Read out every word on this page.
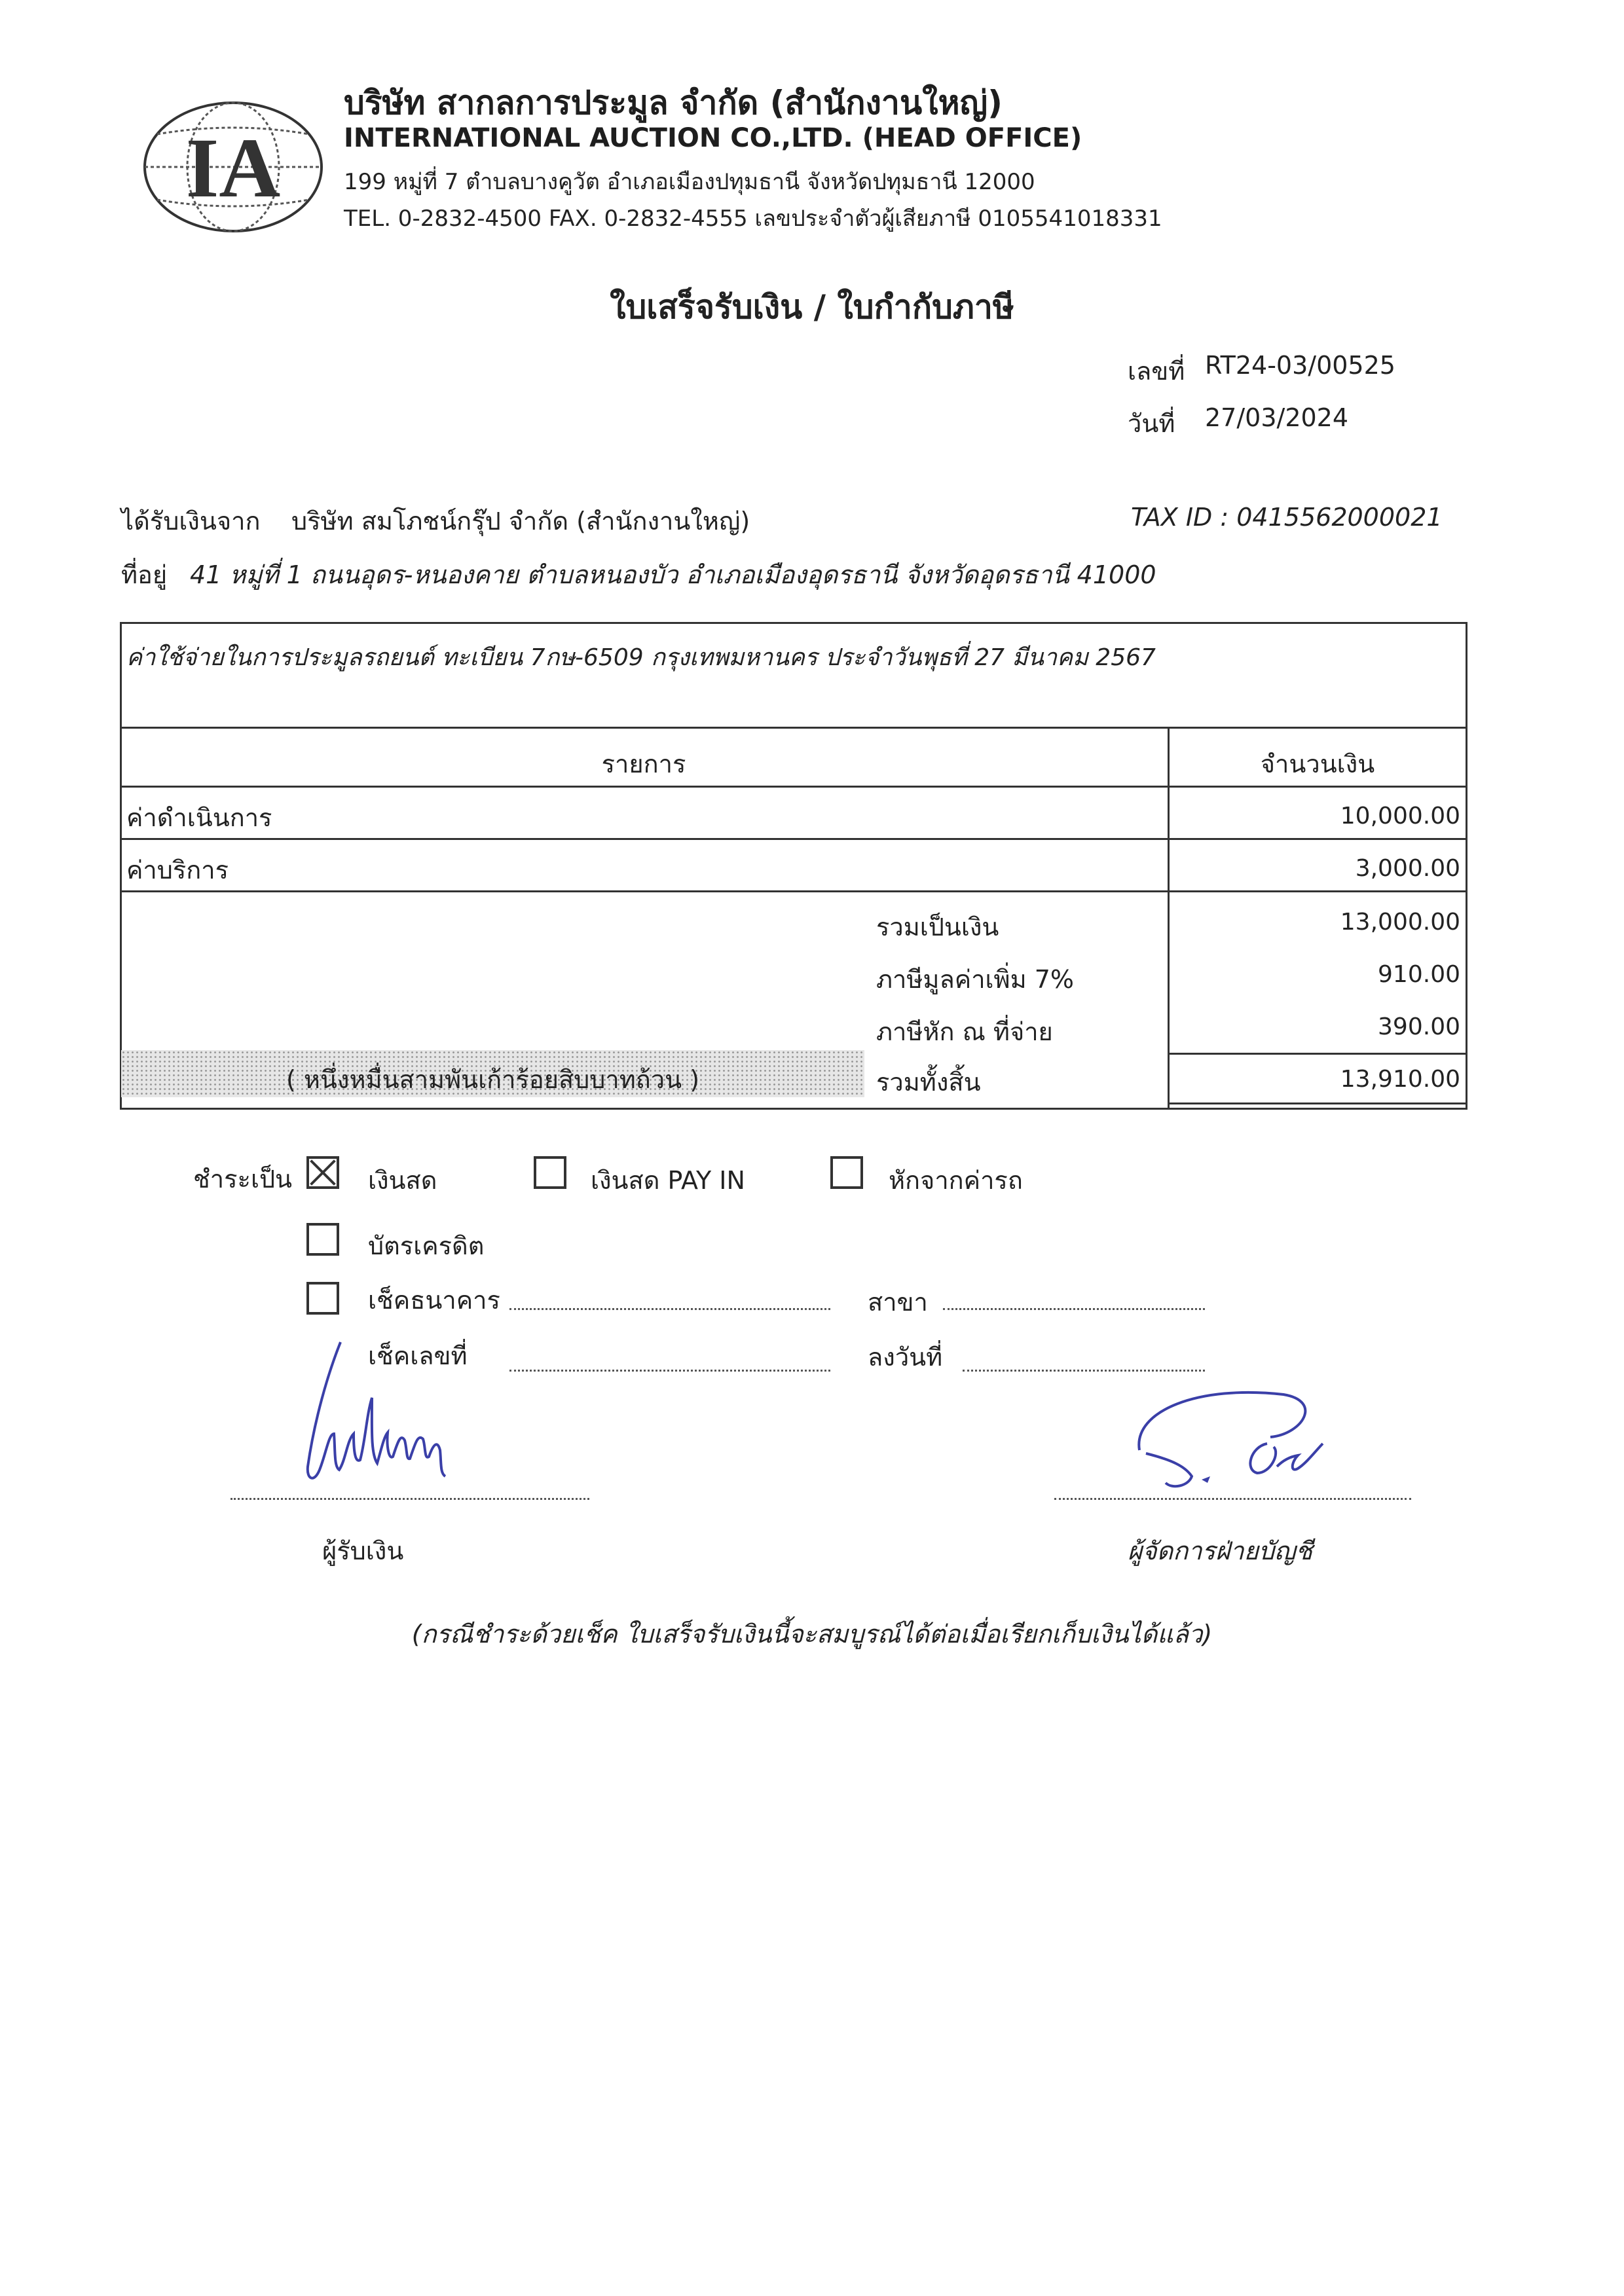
IA
บริษัท สากลการประมูล จำกัด (สำนักงานใหญ่)
INTERNATIONAL AUCTION CO.,LTD. (HEAD OFFICE)
199 หมู่ที่ 7 ตำบลบางคูวัต อำเภอเมืองปทุมธานี จังหวัดปทุมธานี 12000
TEL. 0-2832-4500 FAX. 0-2832-4555 เลขประจำตัวผู้เสียภาษี 0105541018331
ใบเสร็จรับเงิน / ใบกำกับภาษี
เลขที่ RT24-03/00525
วันที่ 27/03/2024
ได้รับเงินจาก บริษัท สมโภชน์กรุ๊ป จำกัด (สำนักงานใหญ่)	TAX ID : 0415562000021
ที่อยู่ 41 หมู่ที่ 1 ถนนอุดร-หนองคาย ตำบลหนองบัว อำเภอเมืองอุดรธานี จังหวัดอุดรธานี 41000
ค่าใช้จ่ายในการประมูลรถยนต์ ทะเบียน 7กษ-6509 กรุงเทพมหานคร ประจำวันพุธที่ 27 มีนาคม 2567
รายการ	จำนวนเงิน
ค่าดำเนินการ	10,000.00
ค่าบริการ	3,000.00
รวมเป็นเงิน	13,000.00
ภาษีมูลค่าเพิ่ม 7%	910.00
ภาษีหัก ณ ที่จ่าย	390.00
( หนึ่งหมื่นสามพันเก้าร้อยสิบบาทถ้วน )	รวมทั้งสิ้น	13,910.00
ชำระเป็น	เงินสด	เงินสด PAY IN	หักจากค่ารถ
บัตรเครดิต
เช็คธนาคาร	สาขา
เช็คเลขที่	ลงวันที่
ผู้รับเงิน	ผู้จัดการฝ่ายบัญชี
(กรณีชำระด้วยเช็ค ใบเสร็จรับเงินนี้จะสมบูรณ์ได้ต่อเมื่อเรียกเก็บเงินได้แล้ว)
